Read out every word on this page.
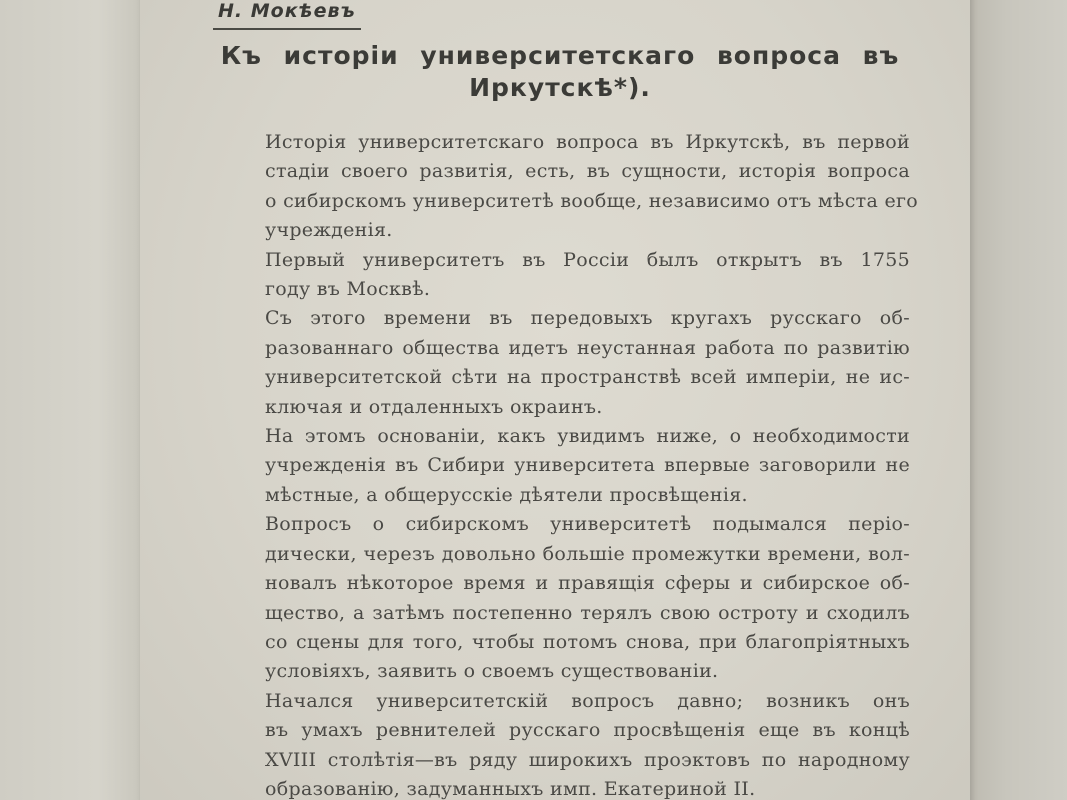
Н. Мокѣевъ
Къ исторіи университетскаго вопроса въ
Иркутскѣ*).

Исторія университетскаго вопроса въ Иркутскѣ, въ первой
стадіи своего развитія, есть, въ сущности, исторія вопроса
о сибирскомъ университетѣ вообще, независимо отъ мѣста его
учрежденія.

Первый университетъ въ Россіи былъ открытъ въ 1755
году въ Москвѣ.

Съ этого времени въ передовыхъ кругахъ русскаго об-
разованнаго общества идетъ неустанная работа по развитію
университетской сѣти на пространствѣ всей имперіи, не ис-
ключая и отдаленныхъ окраинъ.

На этомъ основаніи, какъ увидимъ ниже, о необходимости
учрежденія въ Сибири университета впервые заговорили не
мѣстные, а общерусскіе дѣятели просвѣщенія.

Вопросъ о сибирскомъ университетѣ подымался періо-
дически, черезъ довольно большіе промежутки времени, вол-
новалъ нѣкоторое время и правящія сферы и сибирское об-
щество, а затѣмъ постепенно терялъ свою остроту и сходилъ
со сцены для того, чтобы потомъ снова, при благопріятныхъ
условіяхъ, заявить о своемъ существованіи.

Начался университетскій вопросъ давно; возникъ онъ
въ умахъ ревнителей русскаго просвѣщенія еще въ концѣ
XVIII столѣтія—въ ряду широкихъ проэктовъ по народному
образованію, задуманныхъ имп. Екатериной II.
